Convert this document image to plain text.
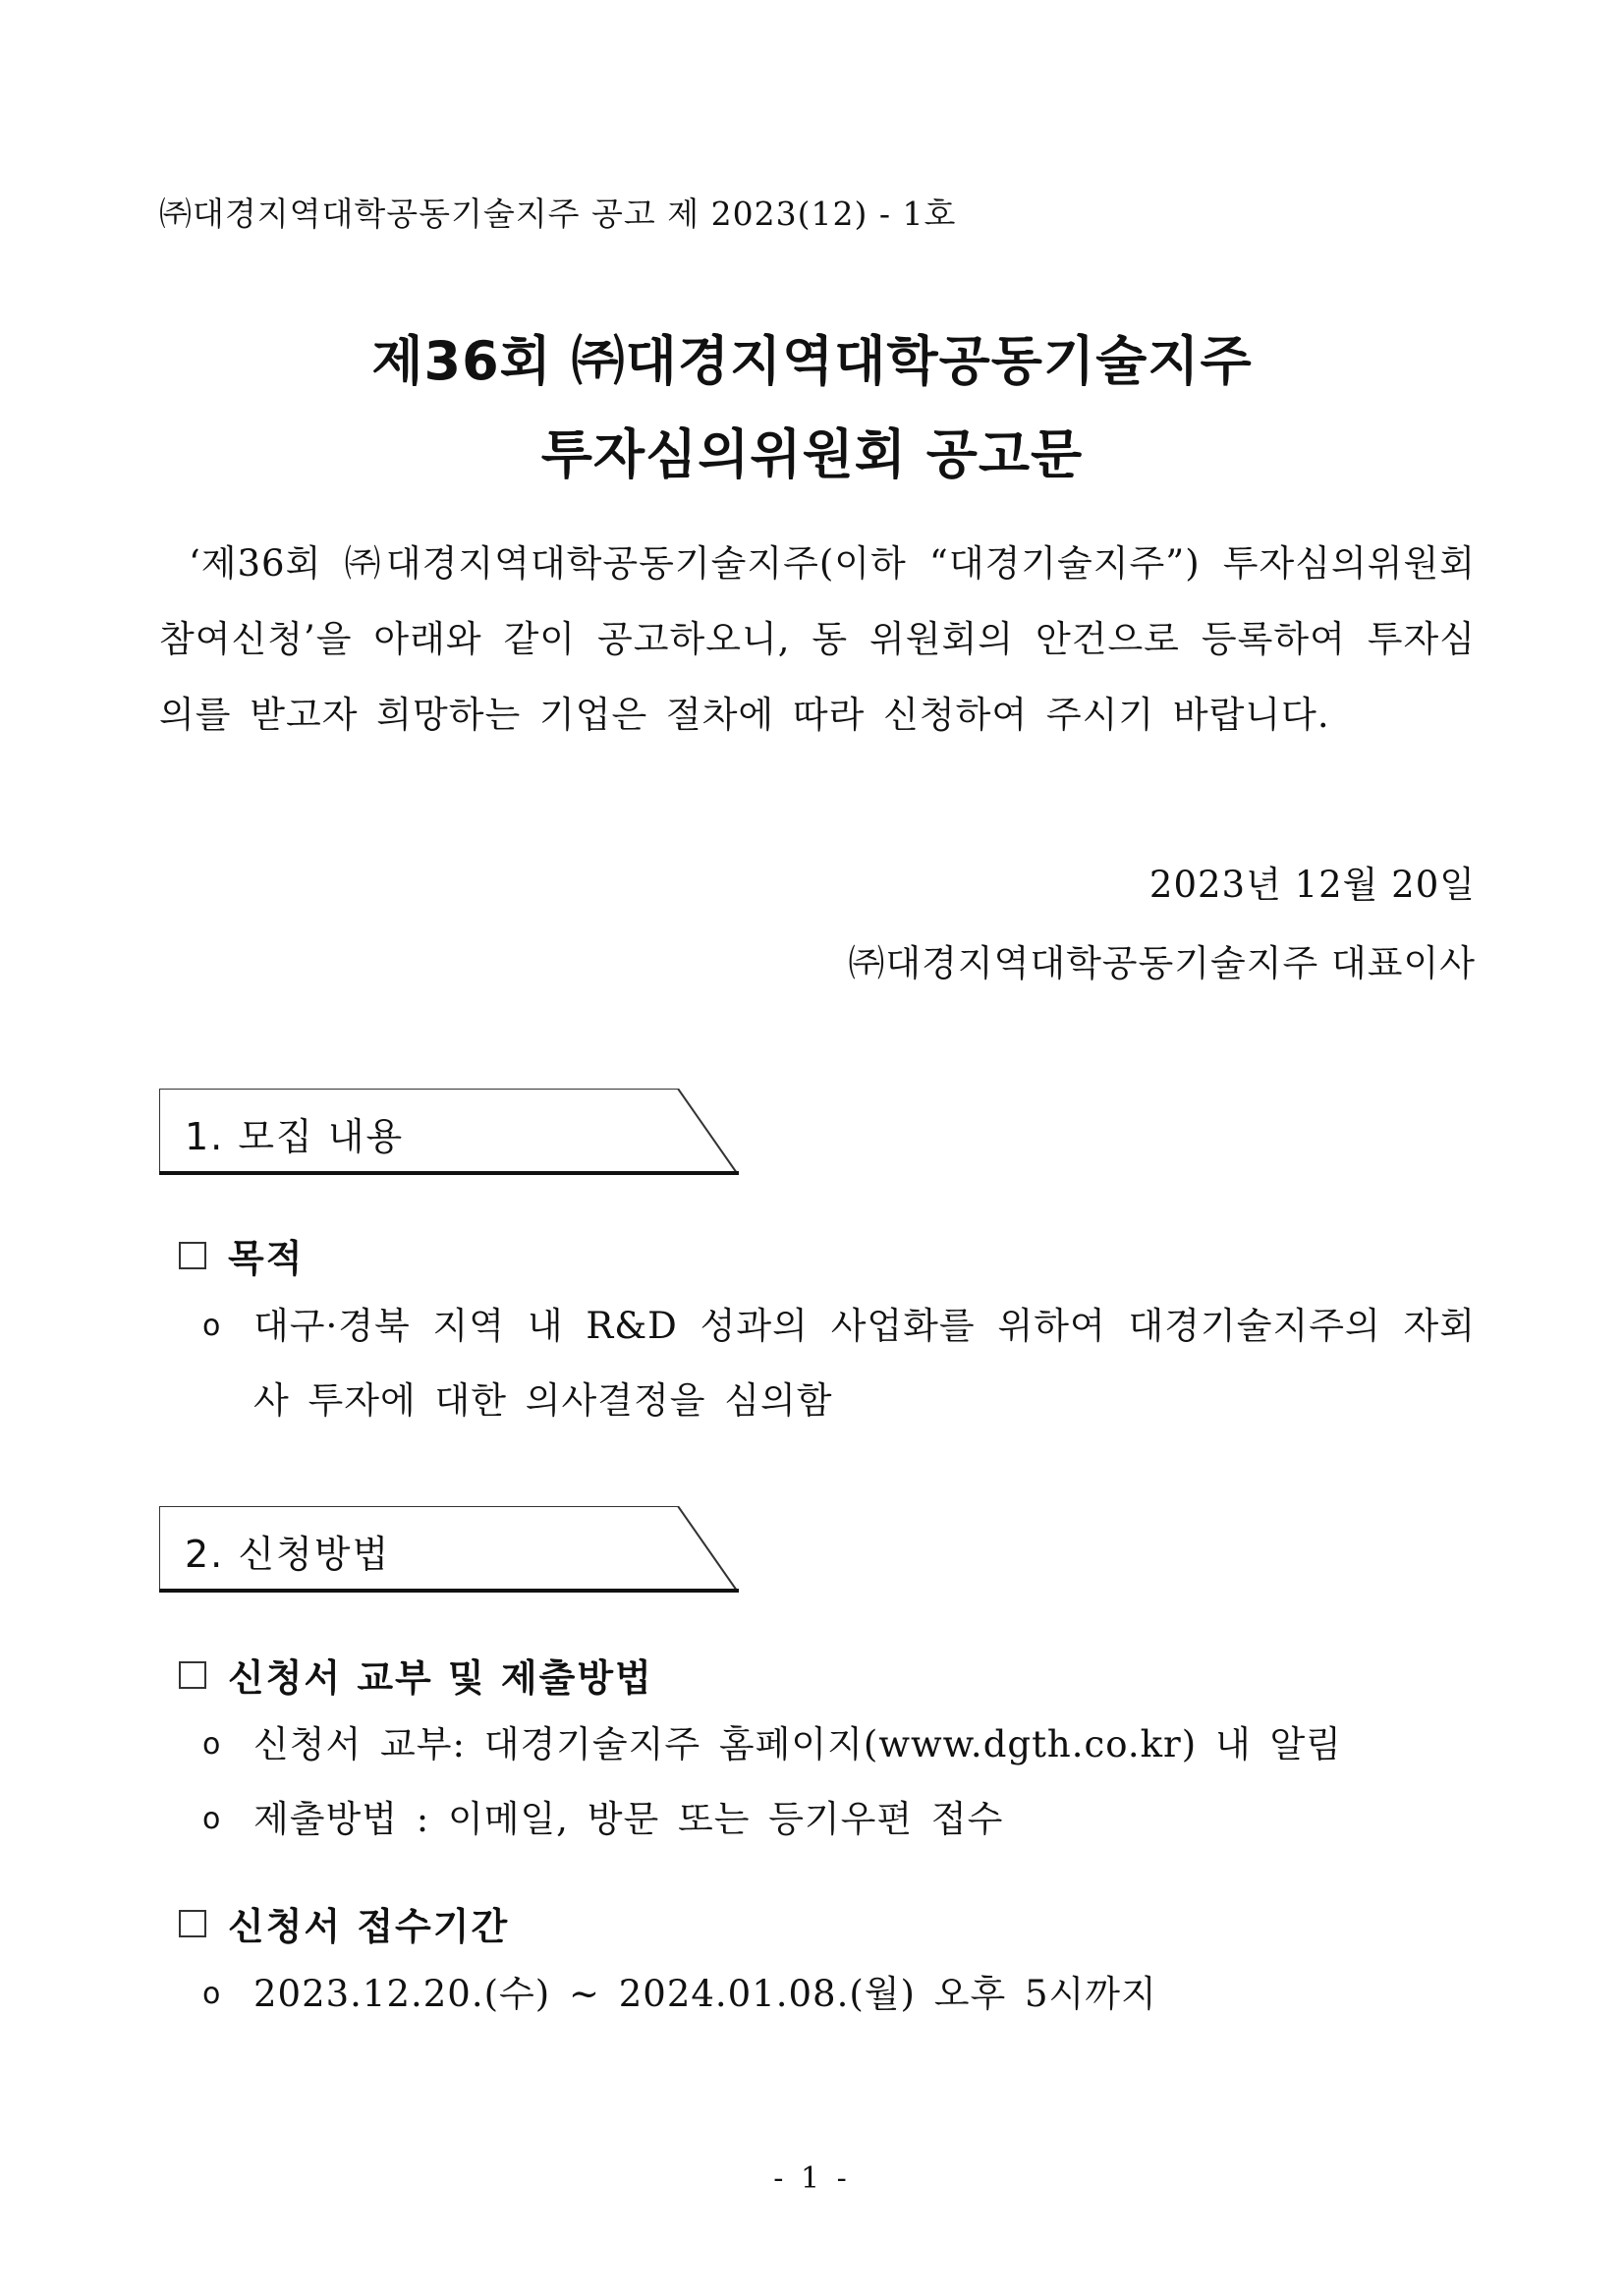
㈜대경지역대학공동기술지주 공고 제 2023(12) - 1호

제36회 ㈜대경지역대학공동기술지주
투자심의위원회 공고문

‘제36회 ㈜대경지역대학공동기술지주(이하 “대경기술지주”) 투자심의위원회 참여신청’을 아래와 같이 공고하오니, 동 위원회의 안건으로 등록하여 투자심의를 받고자 희망하는 기업은 절차에 따라 신청하여 주시기 바랍니다.

2023년 12월 20일

㈜대경지역대학공동기술지주 대표이사

1. 모집 내용
목적
o 대구·경북 지역 내 R&D 성과의 사업화를 위하여 대경기술지주의 자회사 투자에 대한 의사결정을 심의함
2. 신청방법
신청서 교부 및 제출방법
o 신청서 교부: 대경기술지주 홈페이지(www.dgth.co.kr) 내 알림
o 제출방법 : 이메일, 방문 또는 등기우편 접수
신청서 접수기간
o 2023.12.20.(수) ~ 2024.01.08.(월) 오후 5시까지

- 1 -
